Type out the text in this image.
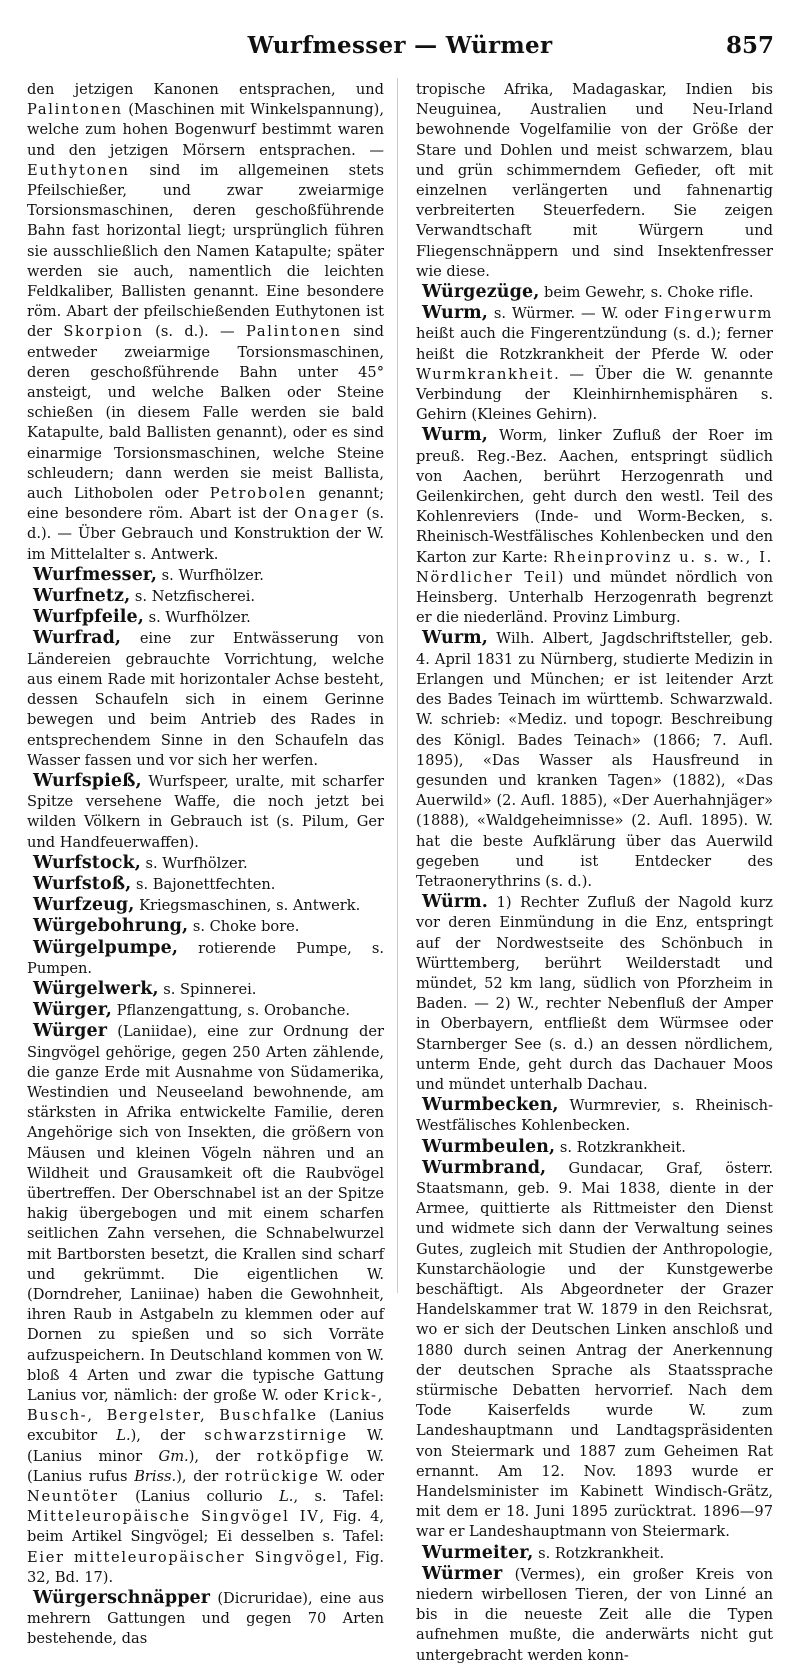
Wurfmesser — Würmer	857

den jetzigen Kanonen entsprachen, und Palintonen (Maschinen mit Winkelspannung), welche zum hohen Bogenwurf bestimmt waren und den jetzigen Mörsern entsprachen. — Euthytonen sind im allgemeinen stets Pfeilschießer, und zwar zweiarmige Torsionsmaschinen, deren geschoßführende Bahn fast horizontal liegt; ursprünglich führen sie ausschließlich den Namen Katapulte; später werden sie auch, namentlich die leichten Feldkaliber, Ballisten genannt. Eine besondere röm. Abart der pfeilschießenden Euthytonen ist der Skorpion (s. d.). — Palintonen sind entweder zweiarmige Torsionsmaschinen, deren geschoßführende Bahn unter 45° ansteigt, und welche Balken oder Steine schießen (in diesem Falle werden sie bald Katapulte, bald Ballisten genannt), oder es sind einarmige Torsionsmaschinen, welche Steine schleudern; dann werden sie meist Ballista, auch Lithobolen oder Petrobolen genannt; eine besondere röm. Abart ist der Onager (s. d.). — Über Gebrauch und Konstruktion der W. im Mittelalter s. Antwerk.

Wurfmesser, s. Wurfhölzer.

Wurfnetz, s. Netzfischerei.

Wurfpfeile, s. Wurfhölzer.

Wurfrad, eine zur Entwässerung von Ländereien gebrauchte Vorrichtung, welche aus einem Rade mit horizontaler Achse besteht, dessen Schaufeln sich in einem Gerinne bewegen und beim Antrieb des Rades in entsprechendem Sinne in den Schaufeln das Wasser fassen und vor sich her werfen.

Wurfspieß, Wurfspeer, uralte, mit scharfer Spitze versehene Waffe, die noch jetzt bei wilden Völkern in Gebrauch ist (s. Pilum, Ger und Handfeuerwaffen).

Wurfstock, s. Wurfhölzer.

Wurfstoß, s. Bajonettfechten.

Wurfzeug, Kriegsmaschinen, s. Antwerk.

Würgebohrung, s. Choke bore.

Würgelpumpe, rotierende Pumpe, s. Pumpen.

Würgelwerk, s. Spinnerei.

Würger, Pflanzengattung, s. Orobanche.

Würger (Laniidae), eine zur Ordnung der Singvögel gehörige, gegen 250 Arten zählende, die ganze Erde mit Ausnahme von Südamerika, Westindien und Neuseeland bewohnende, am stärksten in Afrika entwickelte Familie, deren Angehörige sich von Insekten, die größern von Mäusen und kleinen Vögeln nähren und an Wildheit und Grausamkeit oft die Raubvögel übertreffen. Der Oberschnabel ist an der Spitze hakig übergebogen und mit einem scharfen seitlichen Zahn versehen, die Schnabelwurzel mit Bartborsten besetzt, die Krallen sind scharf und gekrümmt. Die eigentlichen W. (Dorndreher, Laniinae) haben die Gewohnheit, ihren Raub in Astgabeln zu klemmen oder auf Dornen zu spießen und so sich Vorräte aufzuspeichern. In Deutschland kommen von W. bloß 4 Arten und zwar die typische Gattung Lanius vor, nämlich: der große W. oder Krick-, Busch-, Bergelster, Buschfalke (Lanius excubitor L.), der schwarzstirnige W. (Lanius minor Gm.), der rotköpfige W. (Lanius rufus Briss.), der rotrückige W. oder Neuntöter (Lanius collurio L., s. Tafel: Mitteleuropäische Singvögel IV, Fig. 4, beim Artikel Singvögel; Ei desselben s. Tafel: Eier mitteleuropäischer Singvögel, Fig. 32, Bd. 17).

Würgerschnäpper (Dicruridae), eine aus mehrern Gattungen und gegen 70 Arten bestehende, das

tropische Afrika, Madagaskar, Indien bis Neuguinea, Australien und Neu-Irland bewohnende Vogelfamilie von der Größe der Stare und Dohlen und meist schwarzem, blau und grün schimmerndem Gefieder, oft mit einzelnen verlängerten und fahnenartig verbreiterten Steuerfedern. Sie zeigen Verwandtschaft mit Würgern und Fliegenschnäppern und sind Insektenfresser wie diese.

Würgezüge, beim Gewehr, s. Choke rifle.

Wurm, s. Würmer. — W. oder Fingerwurm heißt auch die Fingerentzündung (s. d.); ferner heißt die Rotzkrankheit der Pferde W. oder Wurmkrankheit. — Über die W. genannte Verbindung der Kleinhirnhemisphären s. Gehirn (Kleines Gehirn).

Wurm, Worm, linker Zufluß der Roer im preuß. Reg.-Bez. Aachen, entspringt südlich von Aachen, berührt Herzogenrath und Geilenkirchen, geht durch den westl. Teil des Kohlenreviers (Inde- und Worm-Becken, s. Rheinisch-Westfälisches Kohlenbecken und den Karton zur Karte: Rheinprovinz u. s. w., I. Nördlicher Teil) und mündet nördlich von Heinsberg. Unterhalb Herzogenrath begrenzt er die niederländ. Provinz Limburg.

Wurm, Wilh. Albert, Jagdschriftsteller, geb. 4. April 1831 zu Nürnberg, studierte Medizin in Erlangen und München; er ist leitender Arzt des Bades Teinach im württemb. Schwarzwald. W. schrieb: «Mediz. und topogr. Beschreibung des Königl. Bades Teinach» (1866; 7. Aufl. 1895), «Das Wasser als Hausfreund in gesunden und kranken Tagen» (1882), «Das Auerwild» (2. Aufl. 1885), «Der Auerhahnjäger» (1888), «Waldgeheimnisse» (2. Aufl. 1895). W. hat die beste Aufklärung über das Auerwild gegeben und ist Entdecker des Tetraonerythrins (s. d.).

Würm. 1) Rechter Zufluß der Nagold kurz vor deren Einmündung in die Enz, entspringt auf der Nordwestseite des Schönbuch in Württemberg, berührt Weilderstadt und mündet, 52 km lang, südlich von Pforzheim in Baden. — 2) W., rechter Nebenfluß der Amper in Oberbayern, entfließt dem Würmsee oder Starnberger See (s. d.) an dessen nördlichem, unterm Ende, geht durch das Dachauer Moos und mündet unterhalb Dachau.

Wurmbecken, Wurmrevier, s. Rheinisch-Westfälisches Kohlenbecken.

Wurmbeulen, s. Rotzkrankheit.

Wurmbrand, Gundacar, Graf, österr. Staatsmann, geb. 9. Mai 1838, diente in der Armee, quittierte als Rittmeister den Dienst und widmete sich dann der Verwaltung seines Gutes, zugleich mit Studien der Anthropologie, Kunstarchäologie und der Kunstgewerbe beschäftigt. Als Abgeordneter der Grazer Handelskammer trat W. 1879 in den Reichsrat, wo er sich der Deutschen Linken anschloß und 1880 durch seinen Antrag der Anerkennung der deutschen Sprache als Staatssprache stürmische Debatten hervorrief. Nach dem Tode Kaiserfelds wurde W. zum Landeshauptmann und Landtagspräsidenten von Steiermark und 1887 zum Geheimen Rat ernannt. Am 12. Nov. 1893 wurde er Handelsminister im Kabinett Windisch-Grätz, mit dem er 18. Juni 1895 zurücktrat. 1896—97 war er Landeshauptmann von Steiermark.

Wurmeiter, s. Rotzkrankheit.

Würmer (Vermes), ein großer Kreis von niedern wirbellosen Tieren, der von Linné an bis in die neueste Zeit alle die Typen aufnehmen mußte, die anderwärts nicht gut untergebracht werden konn-
